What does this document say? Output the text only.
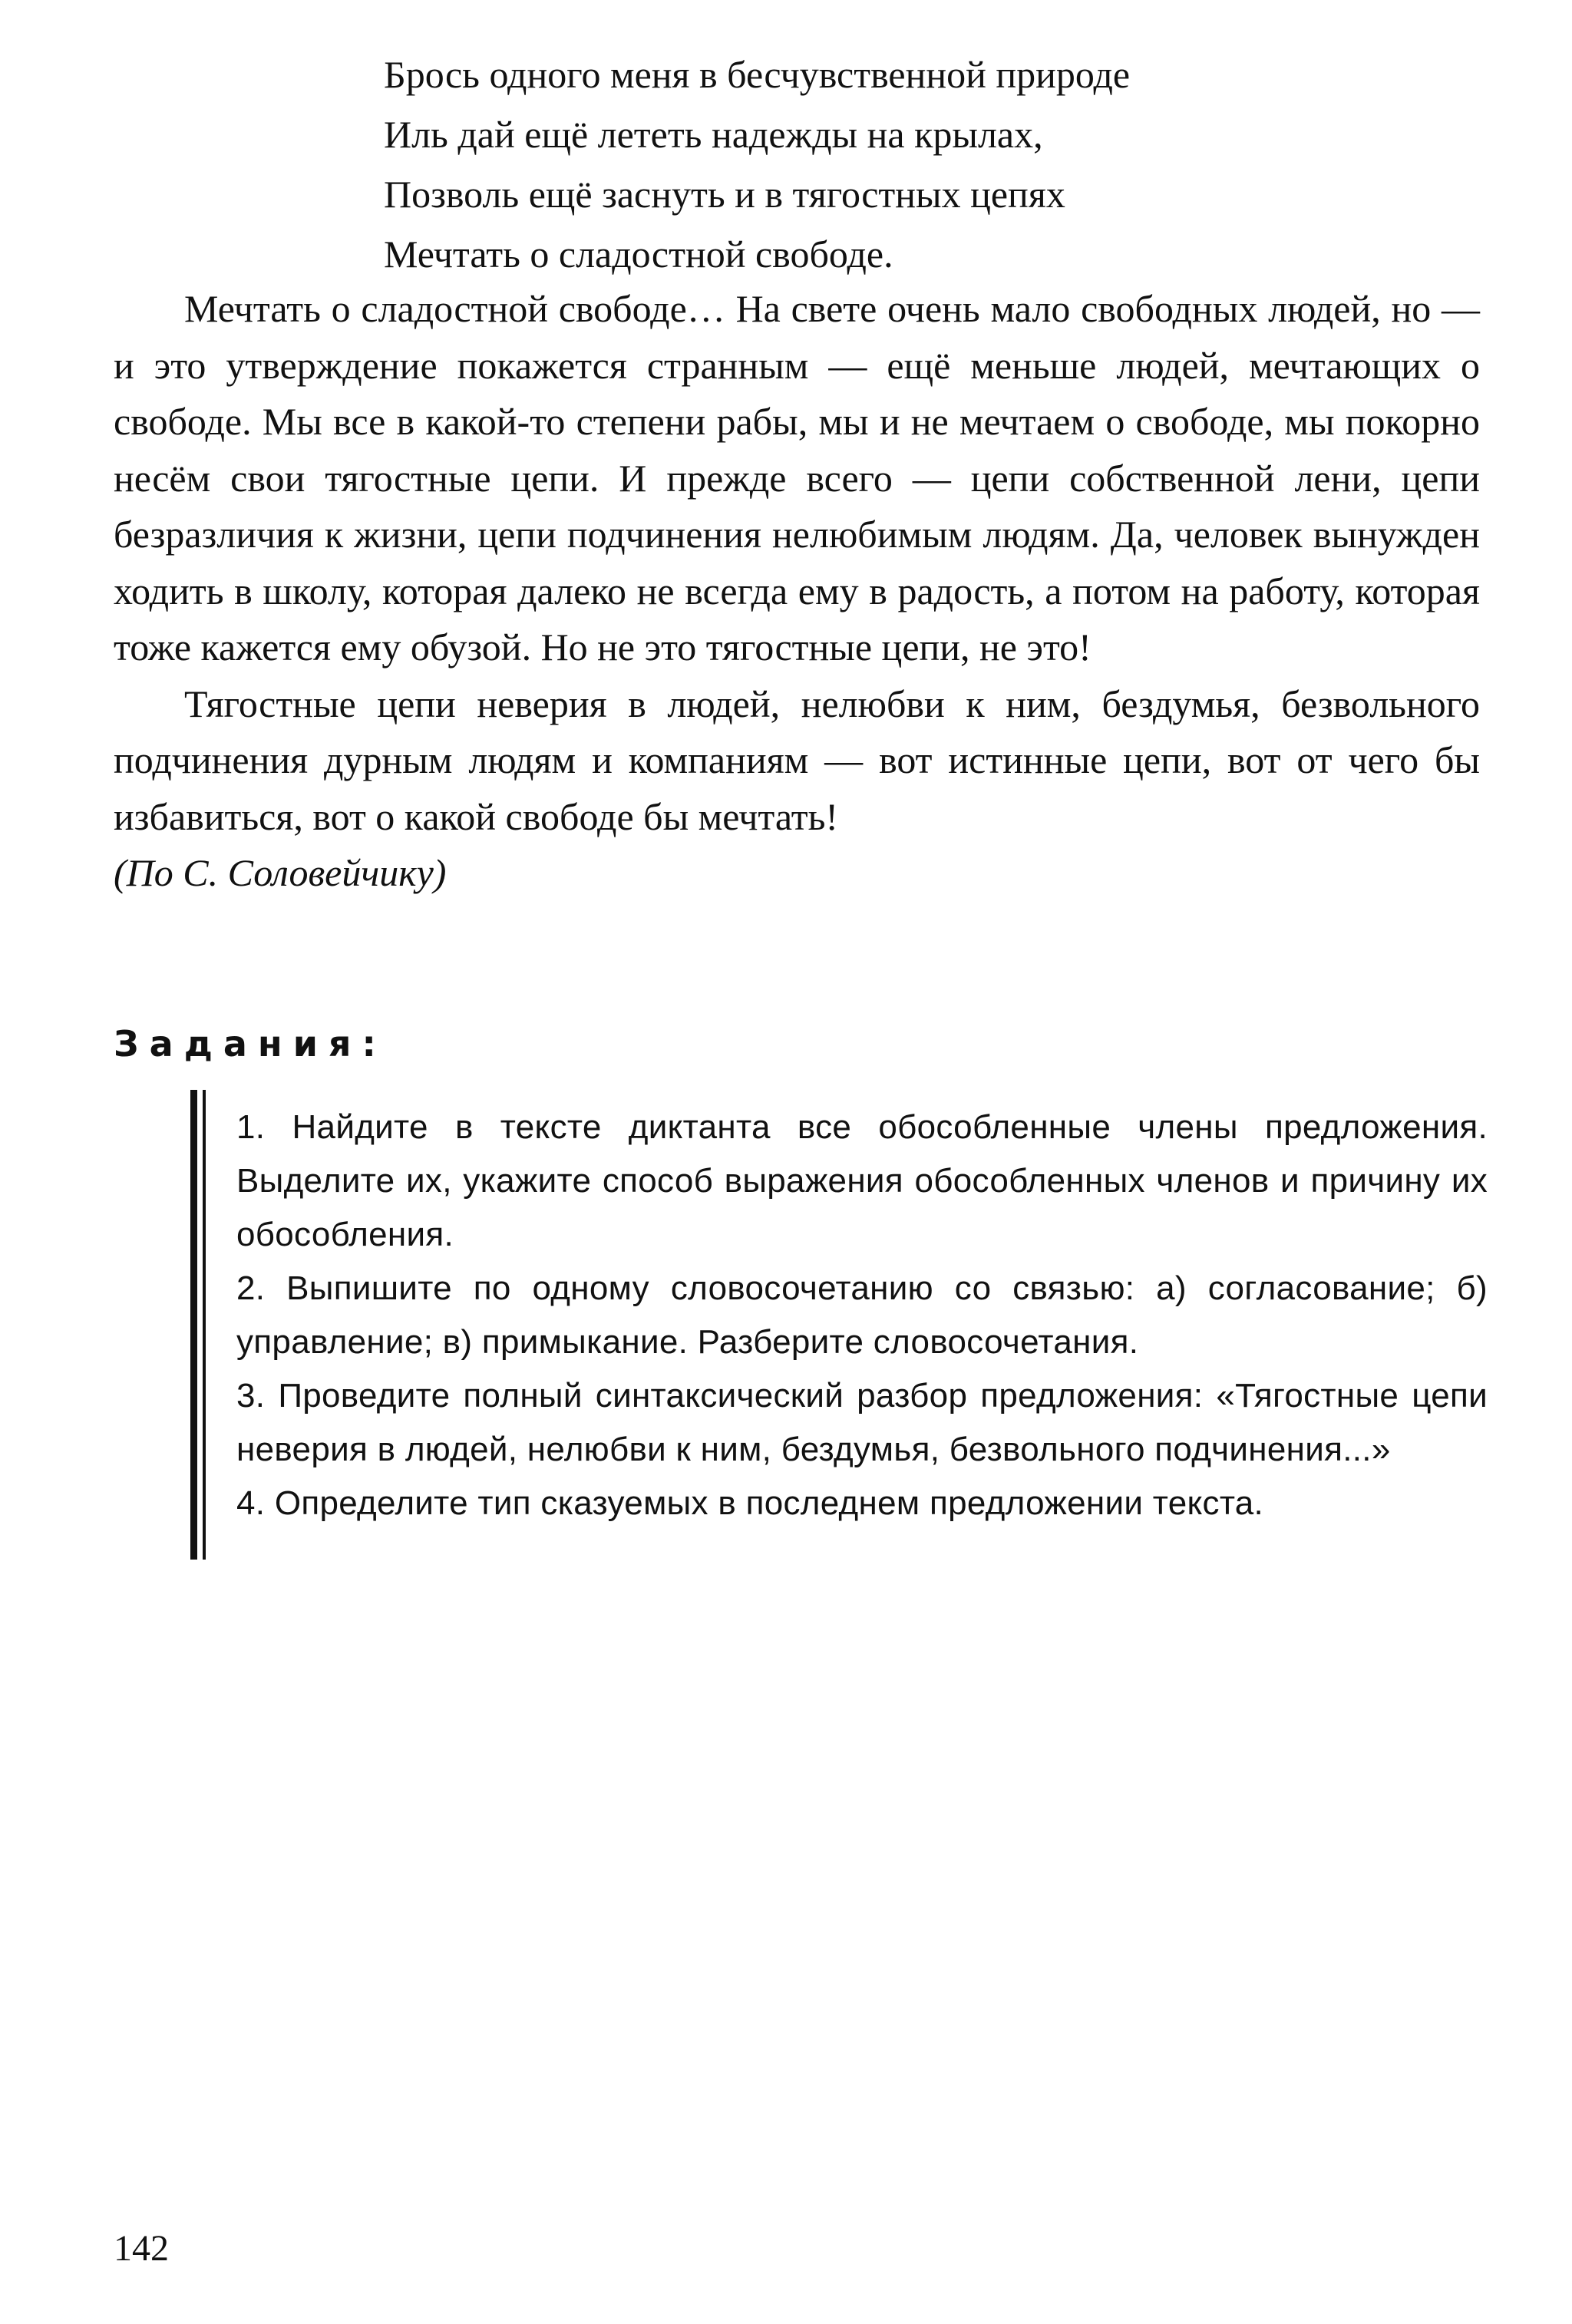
Брось одного меня в бесчувственной природе
Иль дай ещё лететь надежды на крылах,
Позволь ещё заснуть и в тягостных цепях
Мечтать о сладостной свободе.

Мечтать о сладостной свободе… На свете очень мало свободных людей, но — и это утверждение покажется странным — ещё меньше людей, мечтающих о свободе. Мы все в какой-то степени рабы, мы и не мечтаем о свободе, мы покорно несём свои тягостные цепи. И прежде всего — цепи собственной лени, цепи безразличия к жизни, цепи подчинения нелюбимым людям. Да, человек вынужден ходить в школу, которая далеко не всегда ему в радость, а потом на работу, которая тоже кажется ему обузой. Но не это тягостные цепи, не это!

Тягостные цепи неверия в людей, нелюбви к ним, бездумья, безвольного подчинения дурным людям и компаниям — вот истинные цепи, вот от чего бы избавиться, вот о какой свободе бы мечтать!

(По С. Соловейчику)
Задания:

1. Найдите в тексте диктанта все обособленные члены предложения. Выделите их, укажите способ выражения обособленных членов и причину их обособления.

2. Выпишите по одному словосочетанию со связью: а) согласование; б) управление; в) примыкание. Разберите словосочетания.

3. Проведите полный синтаксический разбор предложения: «Тягостные цепи неверия в людей, нелюбви к ним, бездумья, безвольного подчинения...»

4. Определите тип сказуемых в последнем предложении текста.

142
